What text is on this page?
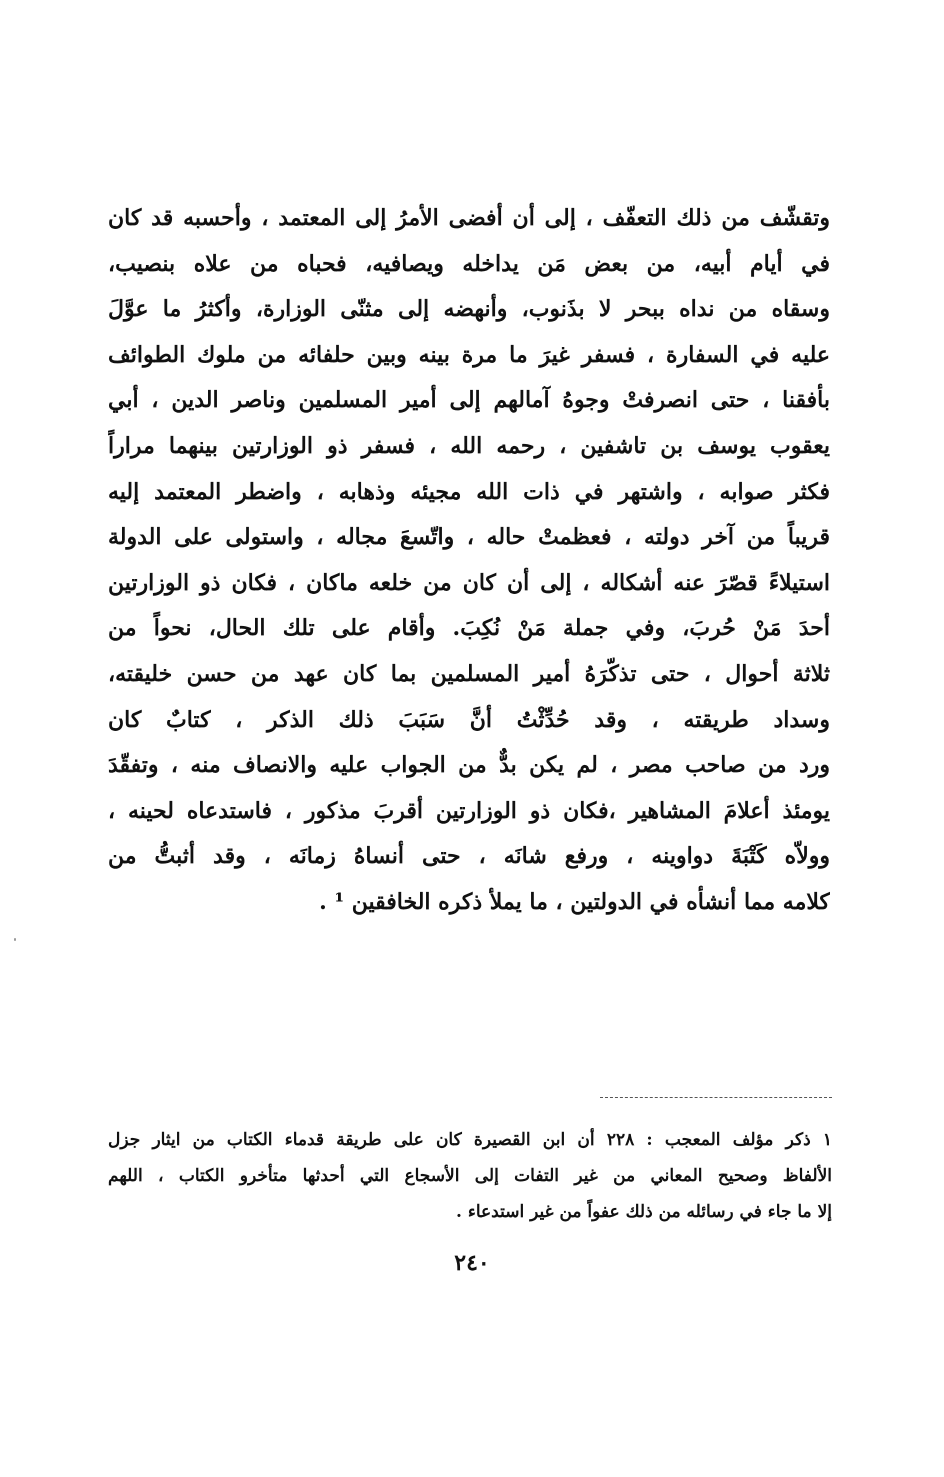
وتقشّف من ذلك التعفّف ، إلى أن أفضى الأمرُ إلى المعتمد ، وأحسبه قد كان
في أيام أبيه، من بعض مَن يداخله ويصافيه، فحباه من علاه بنصيب،
وسقاه من نداه ببحر لا بذَنوب، وأنهضه إلى مثنّى الوزارة، وأكثرُ ما عوَّلَ
عليه في السفارة ، فسفر غيرَ ما مرة بينه وبين حلفائه من ملوك الطوائف
بأفقنا ، حتى انصرفتْ وجوهُ آمالهم إلى أمير المسلمين وناصر الدين ، أبي
يعقوب يوسف بن تاشفين ، رحمه الله ، فسفر ذو الوزارتين بينهما مراراً
فكثر صوابه ، واشتهر في ذات الله مجيئه وذهابه ، واضطر المعتمد إليه
قريباً من آخر دولته ، فعظمتْ حاله ، واتّسعَ مجاله ، واستولى على الدولة
استيلاءً قصّرَ عنه أشكاله ، إلى أن كان من خلعه ماكان ، فكان ذو الوزارتين
أحدَ مَنْ حُربَ، وفي جملة مَنْ نُكِبَ. وأقام على تلك الحال، نحواً من
ثلاثة أحوال ، حتى تذكّرَهُ أمير المسلمين بما كان عهد من حسن خليقته،
وسداد طريقته ، وقد حُدِّثْتُ أنَّ سَبَبَ ذلك الذكر ، كتابٌ كان
ورد من صاحب مصر ، لم يكن بدٌّ من الجواب عليه والانصاف منه ، وتفقّدَ
يومئذ أعلامَ المشاهير ،فكان ذو الوزارتين أقربَ مذكور ، فاستدعاه لحينه ،
وولاّه كَتْبَةَ دواوينه ، ورفع شانَه ، حتى أنساهُ زمانَه ، وقد أثبتُّ من
كلامه مما أنشأه في الدولتين ، ما يملأ ذكره الخافقين ¹ .
١ ذكر مؤلف المعجب : ٢٢٨ أن ابن القصيرة كان على طريقة قدماء الكتاب من ايثار جزل
الألفاظ وصحيح المعاني من غير التفات إلى الأسجاع التي أحدثها متأخرو الكتاب ، اللهم
إلا ما جاء في رسائله من ذلك عفواً من غير استدعاء .
٢٤٠
